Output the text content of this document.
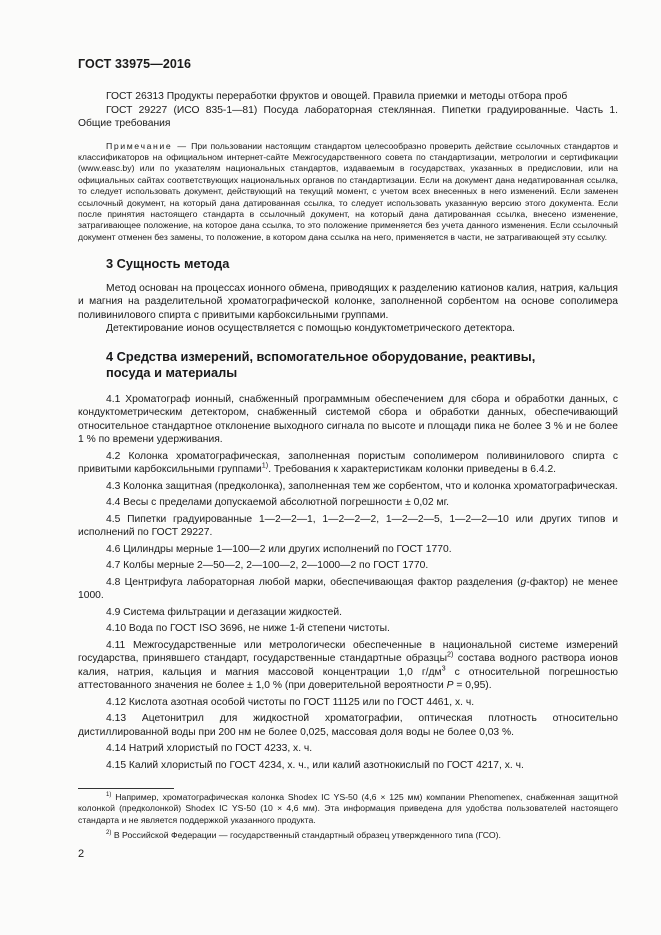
ГОСТ 33975—2016

ГОСТ 26313 Продукты переработки фруктов и овощей. Правила приемки и методы отбора проб

ГОСТ 29227 (ИСО 835-1—81) Посуда лабораторная стеклянная. Пипетки градуированные. Часть 1. Общие требования

Примечание — При пользовании настоящим стандартом целесообразно проверить действие ссылочных стандартов и классификаторов на официальном интернет-сайте Межгосударственного совета по стандартизации, метрологии и сертификации (www.easc.by) или по указателям национальных стандартов, издаваемым в государствах, указанных в предисловии, или на официальных сайтах соответствующих национальных органов по стандартизации. Если на документ дана недатированная ссылка, то следует использовать документ, действующий на текущий момент, с учетом всех внесенных в него изменений. Если заменен ссылочный документ, на который дана датированная ссылка, то следует использовать указанную версию этого документа. Если после принятия настоящего стандарта в ссылочный документ, на который дана датированная ссылка, внесено изменение, затрагивающее положение, на которое дана ссылка, то это положение применяется без учета данного изменения. Если ссылочный документ отменен без замены, то положение, в котором дана ссылка на него, применяется в части, не затрагивающей эту ссылку.

3 Сущность метода

Метод основан на процессах ионного обмена, приводящих к разделению катионов калия, натрия, кальция и магния на разделительной хроматографической колонке, заполненной сорбентом на основе сополимера поливинилового спирта с привитыми карбоксильными группами.

Детектирование ионов осуществляется с помощью кондуктометрического детектора.

4 Средства измерений, вспомогательное оборудование, реактивы,
посуда и материалы

4.1 Хроматограф ионный, снабженный программным обеспечением для сбора и обработки данных, с кондуктометрическим детектором, снабженный системой сбора и обработки данных, обеспечивающий относительное стандартное отклонение выходного сигнала по высоте и площади пика не более 3 % и не более 1 % по времени удерживания.

4.2 Колонка хроматографическая, заполненная пористым сополимером поливинилового спирта с привитыми карбоксильными группами$^{1)}$. Требования к характеристикам колонки приведены в 6.4.2.

4.3 Колонка защитная (предколонка), заполненная тем же сорбентом, что и колонка хроматографическая.

4.4 Весы с пределами допускаемой абсолютной погрешности ± 0,02 мг.

4.5 Пипетки градуированные 1—2—2—1, 1—2—2—2, 1—2—2—5, 1—2—2—10 или других типов и исполнений по ГОСТ 29227.

4.6 Цилиндры мерные 1—100—2 или других исполнений по ГОСТ 1770.

4.7 Колбы мерные 2—50—2, 2—100—2, 2—1000—2 по ГОСТ 1770.

4.8 Центрифуга лабораторная любой марки, обеспечивающая фактор разделения (g-фактор) не менее 1000.

4.9 Система фильтрации и дегазации жидкостей.

4.10 Вода по ГОСТ ISO 3696, не ниже 1-й степени чистоты.

4.11 Межгосударственные или метрологически обеспеченные в национальной системе измерений государства, принявшего стандарт, государственные стандартные образцы$^{2)}$ состава водного раствора ионов калия, натрия, кальция и магния массовой концентрации 1,0 $г/дм^3$ с относительной погрешностью аттестованного значения не более ± 1,0 % (при доверительной вероятности P = 0,95).

4.12 Кислота азотная особой чистоты по ГОСТ 11125 или по ГОСТ 4461, х. ч.

4.13 Ацетонитрил для жидкостной хроматографии, оптическая плотность относительно дистиллированной воды при 200 нм не более 0,025, массовая доля воды не более 0,03 %.

4.14 Натрий хлористый по ГОСТ 4233, х. ч.

4.15 Калий хлористый по ГОСТ 4234, х. ч., или калий азотнокислый по ГОСТ 4217, х. ч.

$^{1)}$ Например, хроматографическая колонка Shodex IC YS-50 (4,6 × 125 мм) компании Phenomenex, снабженная защитной колонкой (предколонкой) Shodex IC YS-50 (10 × 4,6 мм). Эта информация приведена для удобства пользователей настоящего стандарта и не является поддержкой указанного продукта.

$^{2)}$ В Российской Федерации — государственный стандартный образец утвержденного типа (ГСО).

2
